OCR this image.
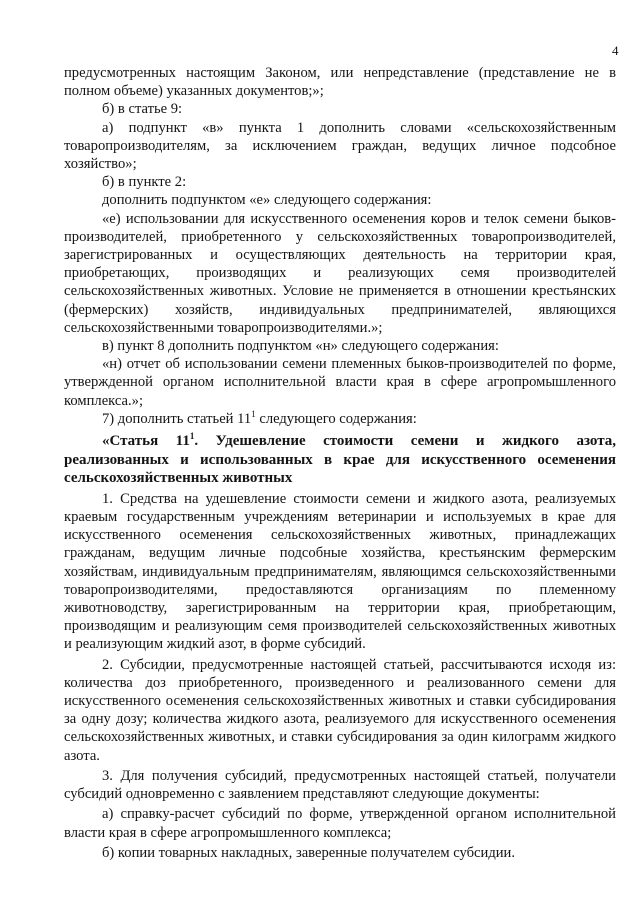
4

предусмотренных настоящим Законом, или непредставление (представление не в полном объеме) указанных документов;»;

б) в статье 9:

а) подпункт «в» пункта 1 дополнить словами «сельскохозяйственным товаропроизводителям, за исключением граждан, ведущих личное подсобное хозяйство»;

б) в пункте 2:

дополнить подпунктом «е» следующего содержания:

«е) использовании для искусственного осеменения коров и телок семени быков-производителей, приобретенного у сельскохозяйственных товаропроизводителей, зарегистрированных и осуществляющих деятельность на территории края, приобретающих, производящих и реализующих семя производителей сельскохозяйственных животных. Условие не применяется в отношении крестьянских (фермерских) хозяйств, индивидуальных предпринимателей, являющихся сельскохозяйственными товаропроизводителями.»;

в) пункт 8 дополнить подпунктом «н» следующего содержания:

«н) отчет об использовании семени племенных быков-производителей по форме, утвержденной органом исполнительной власти края в сфере агропромышленного комплекса.»;

7) дополнить статьей $11^1$ следующего содержания:

«Статья $11^1$. Удешевление стоимости семени и жидкого азота, реализованных и использованных в крае для искусственного осеменения сельскохозяйственных животных

1. Средства на удешевление стоимости семени и жидкого азота, реализуемых краевым государственным учреждениям ветеринарии и используемых в крае для искусственного осеменения сельскохозяйственных животных, принадлежащих гражданам, ведущим личные подсобные хозяйства, крестьянским фермерским хозяйствам, индивидуальным предпринимателям, являющимся сельскохозяйственными товаропроизводителями, предоставляются организациям по племенному животноводству, зарегистрированным на территории края, приобретающим, производящим и реализующим семя производителей сельскохозяйственных животных и реализующим жидкий азот, в форме субсидий.

2. Субсидии, предусмотренные настоящей статьей, рассчитываются исходя из: количества доз приобретенного, произведенного и реализованного семени для искусственного осеменения сельскохозяйственных животных и ставки субсидирования за одну дозу; количества жидкого азота, реализуемого для искусственного осеменения сельскохозяйственных животных, и ставки субсидирования за один килограмм жидкого азота.

3. Для получения субсидий, предусмотренных настоящей статьей, получатели субсидий одновременно с заявлением представляют следующие документы:

а) справку-расчет субсидий по форме, утвержденной органом исполнительной власти края в сфере агропромышленного комплекса;

б) копии товарных накладных, заверенные получателем субсидии.
